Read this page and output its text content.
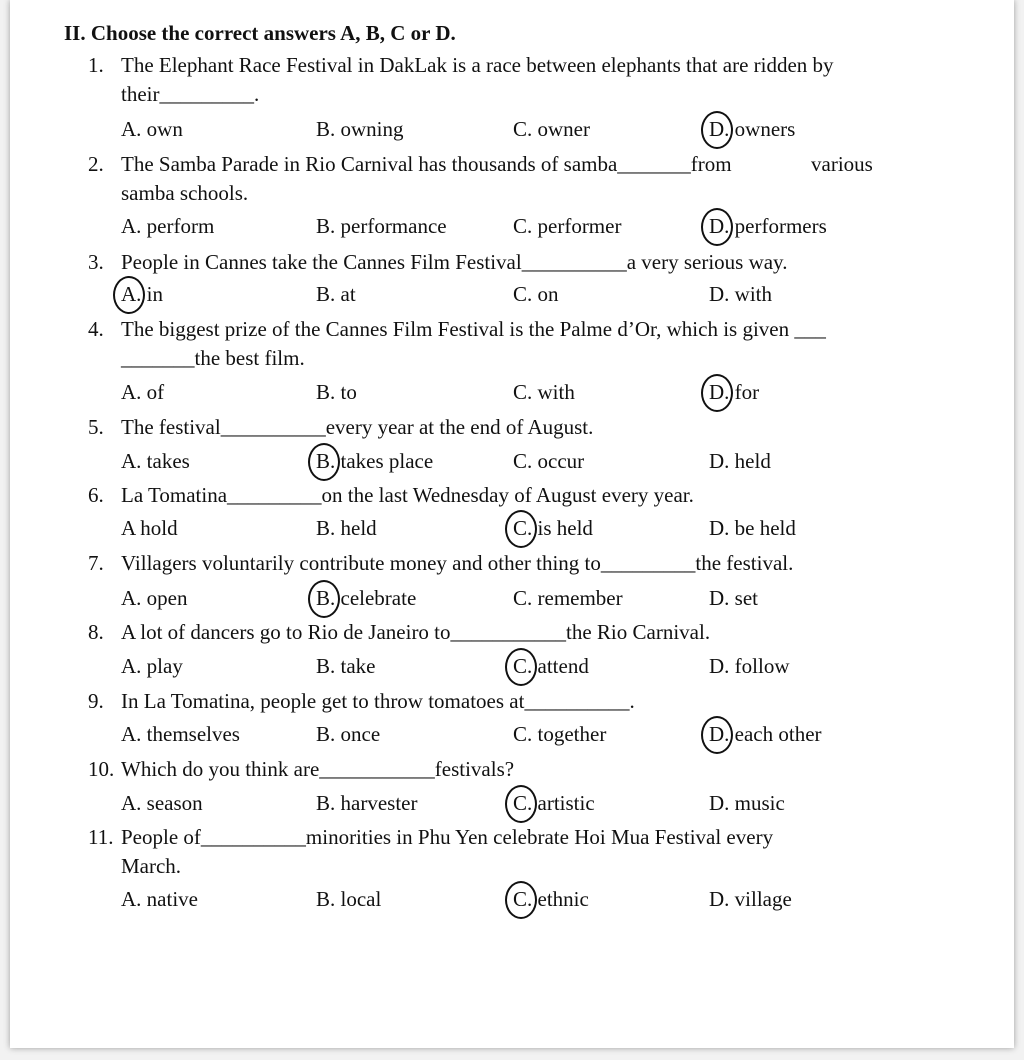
II. Choose the correct answers A, B, C or D.
1. The Elephant Race Festival in DakLak is a race between elephants that are ridden by
their_________.
A. own	B. owning	C. owner	D. owners
2. The Samba Parade in Rio Carnival has thousands of samba_______from
samba schools.
various
A. perform	B. performance	C. performer	D. performers
3. People in Cannes take the Cannes Film Festival__________a very serious way.
A. in	B. at	C. on	D. with
4. The biggest prize of the Cannes Film Festival is the Palme d’Or, which is given ___
_______the best film.
A. of	B. to	C. with	D. for
5. The festival__________every year at the end of August.
A. takes	B. takes place	C. occur	D. held
6. La Tomatina_________on the last Wednesday of August every year.
A hold	B. held	C. is held	D. be held
7. Villagers voluntarily contribute money and other thing to_________the festival.
A. open	B. celebrate	C. remember	D. set
8. A lot of dancers go to Rio de Janeiro to___________the Rio Carnival.
A. play	B. take	C. attend	D. follow
9. In La Tomatina, people get to throw tomatoes at__________.
A. themselves	B. once	C. together	D. each other
10. Which do you think are___________festivals?
A. season	B. harvester	C. artistic	D. music
11. People of__________minorities in Phu Yen celebrate Hoi Mua Festival every
March.
A. native	B. local	C. ethnic	D. village
